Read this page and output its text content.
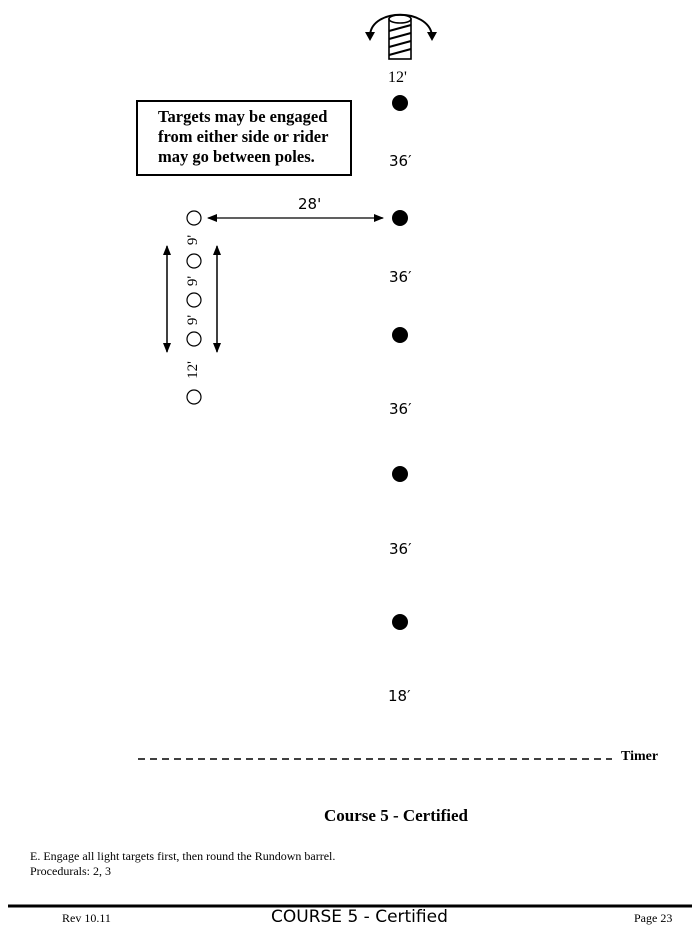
Targets may be engaged
from either side or rider
may go between poles.
12'
36′
36′
36′
36′
18′
28'
9'
9'
9'
12'
Timer
Course 5 - Certified
E. Engage all light targets first, then round the Rundown barrel.
Procedurals: 2, 3
Rev 10.11	COURSE 5 - Certified	Page 23
